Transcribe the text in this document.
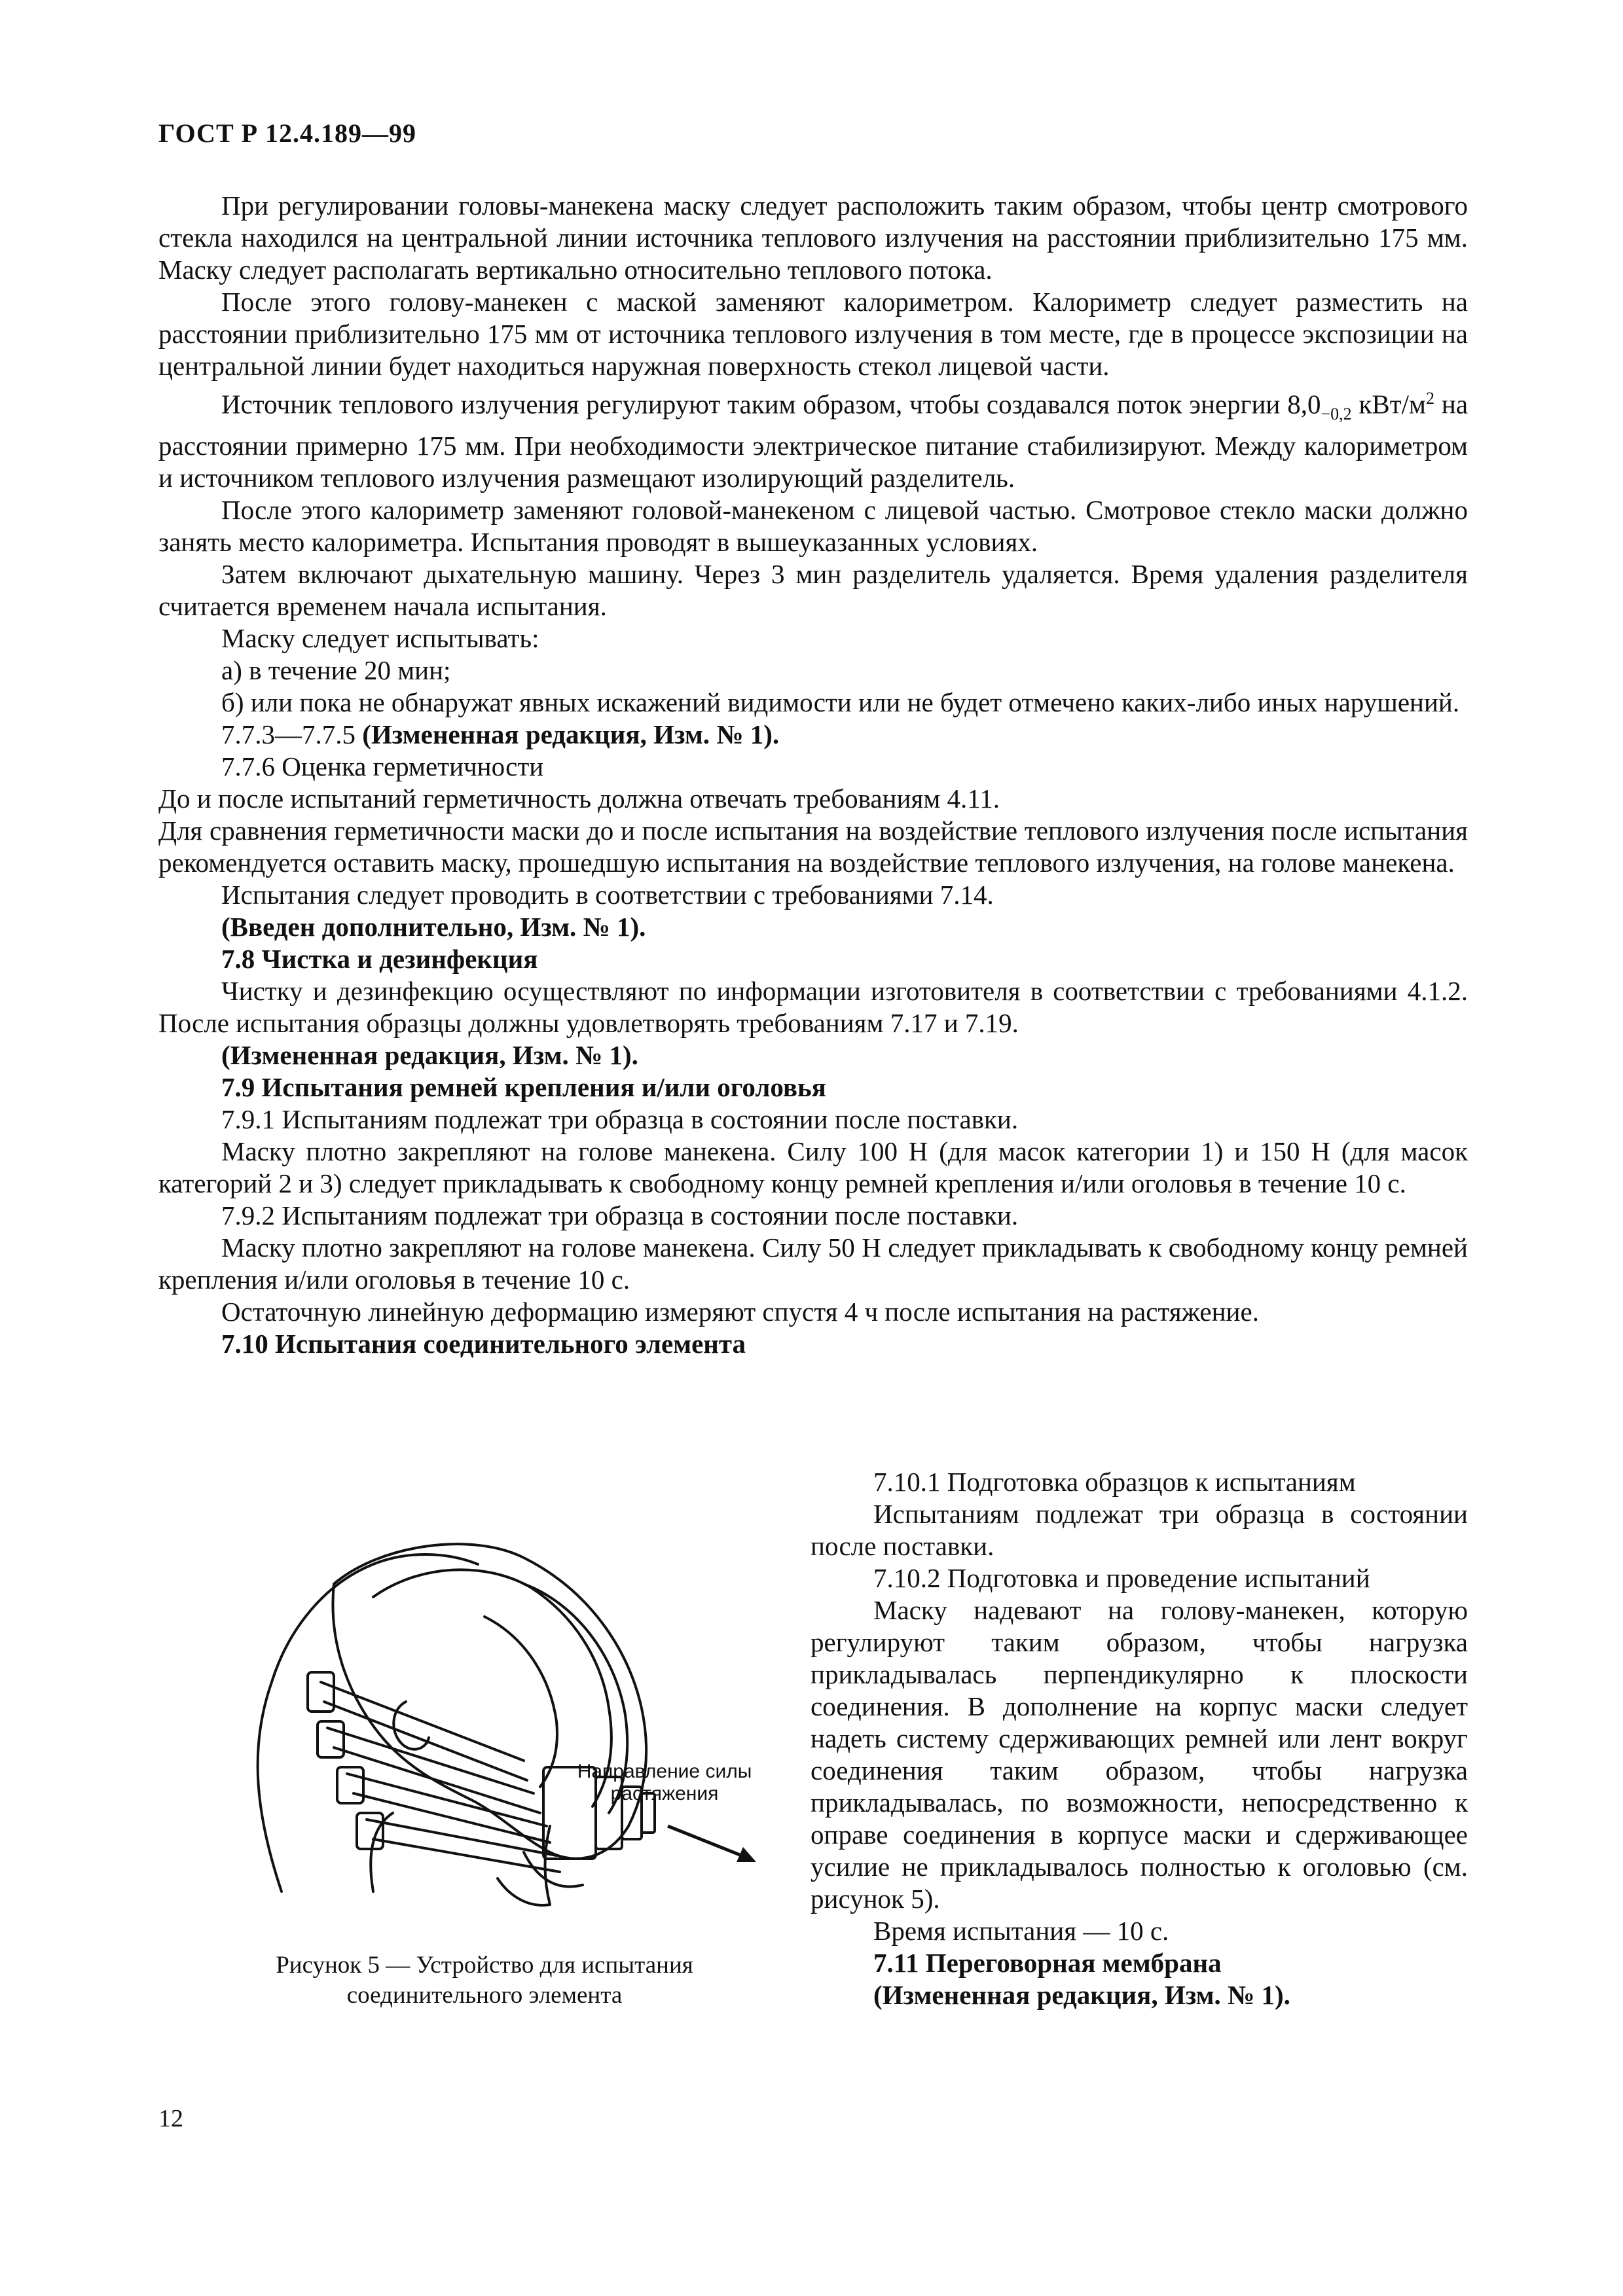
ГОСТ Р 12.4.189—99

При регулировании головы-манекена маску следует расположить таким образом, чтобы центр смотрового стекла находился на центральной линии источника теплового излучения на расстоянии приблизительно 175 мм. Маску следует располагать вертикально относительно теплового потока.

После этого голову-манекен с маской заменяют калориметром. Калориметр следует разместить на расстоянии приблизительно 175 мм от источника теплового излучения в том месте, где в процессе экспозиции на центральной линии будет находиться наружная поверхность стекол лицевой части.

Источник теплового излучения регулируют таким образом, чтобы создавался поток энергии $8,0_{-0,2}$ кВт/$м^2$ на расстоянии примерно 175 мм. При необходимости электрическое питание стабилизируют. Между калориметром и источником теплового излучения размещают изолирующий разделитель.

После этого калориметр заменяют головой-манекеном с лицевой частью. Смотровое стекло маски должно занять место калориметра. Испытания проводят в вышеуказанных условиях.

Затем включают дыхательную машину. Через 3 мин разделитель удаляется. Время удаления разделителя считается временем начала испытания.

Маску следует испытывать:

а) в течение 20 мин;

б) или пока не обнаружат явных искажений видимости или не будет отмечено каких-либо иных нарушений.

7.7.3—7.7.5 (Измененная редакция, Изм. № 1).

7.7.6 Оценка герметичности

До и после испытаний герметичность должна отвечать требованиям 4.11.

Для сравнения герметичности маски до и после испытания на воздействие теплового излучения после испытания рекомендуется оставить маску, прошедшую испытания на воздействие теплового излучения, на голове манекена.

Испытания следует проводить в соответствии с требованиями 7.14.

(Введен дополнительно, Изм. № 1).

7.8 Чистка и дезинфекция

Чистку и дезинфекцию осуществляют по информации изготовителя в соответствии с требованиями 4.1.2. После испытания образцы должны удовлетворять требованиям 7.17 и 7.19.

(Измененная редакция, Изм. № 1).

7.9 Испытания ремней крепления и/или оголовья

7.9.1 Испытаниям подлежат три образца в состоянии после поставки.

Маску плотно закрепляют на голове манекена. Силу 100 Н (для масок категории 1) и 150 Н (для масок категорий 2 и 3) следует прикладывать к свободному концу ремней крепления и/или оголовья в течение 10 с.

7.9.2 Испытаниям подлежат три образца в состоянии после поставки.

Маску плотно закрепляют на голове манекена. Силу 50 Н следует прикладывать к свободному концу ремней крепления и/или оголовья в течение 10 с.

Остаточную линейную деформацию измеряют спустя 4 ч после испытания на растяжение.

7.10 Испытания соединительного элемента

Направление силы
растяжения
Рисунок 5 — Устройство для испытания
соединительного элемента

7.10.1 Подготовка образцов к испытаниям

Испытаниям подлежат три образца в состоянии после поставки.

7.10.2 Подготовка и проведение испытаний

Маску надевают на голову-манекен, которую регулируют таким образом, чтобы нагрузка прикладывалась перпендикулярно к плоскости соединения. В дополнение на корпус маски следует надеть систему сдерживающих ремней или лент вокруг соединения таким образом, чтобы нагрузка прикладывалась, по возможности, непосредственно к оправе соединения в корпусе маски и сдерживающее усилие не прикладывалось полностью к оголовью (см. рисунок 5).

Время испытания — 10 с.

7.11 Переговорная мембрана

(Измененная редакция, Изм. № 1).

12
